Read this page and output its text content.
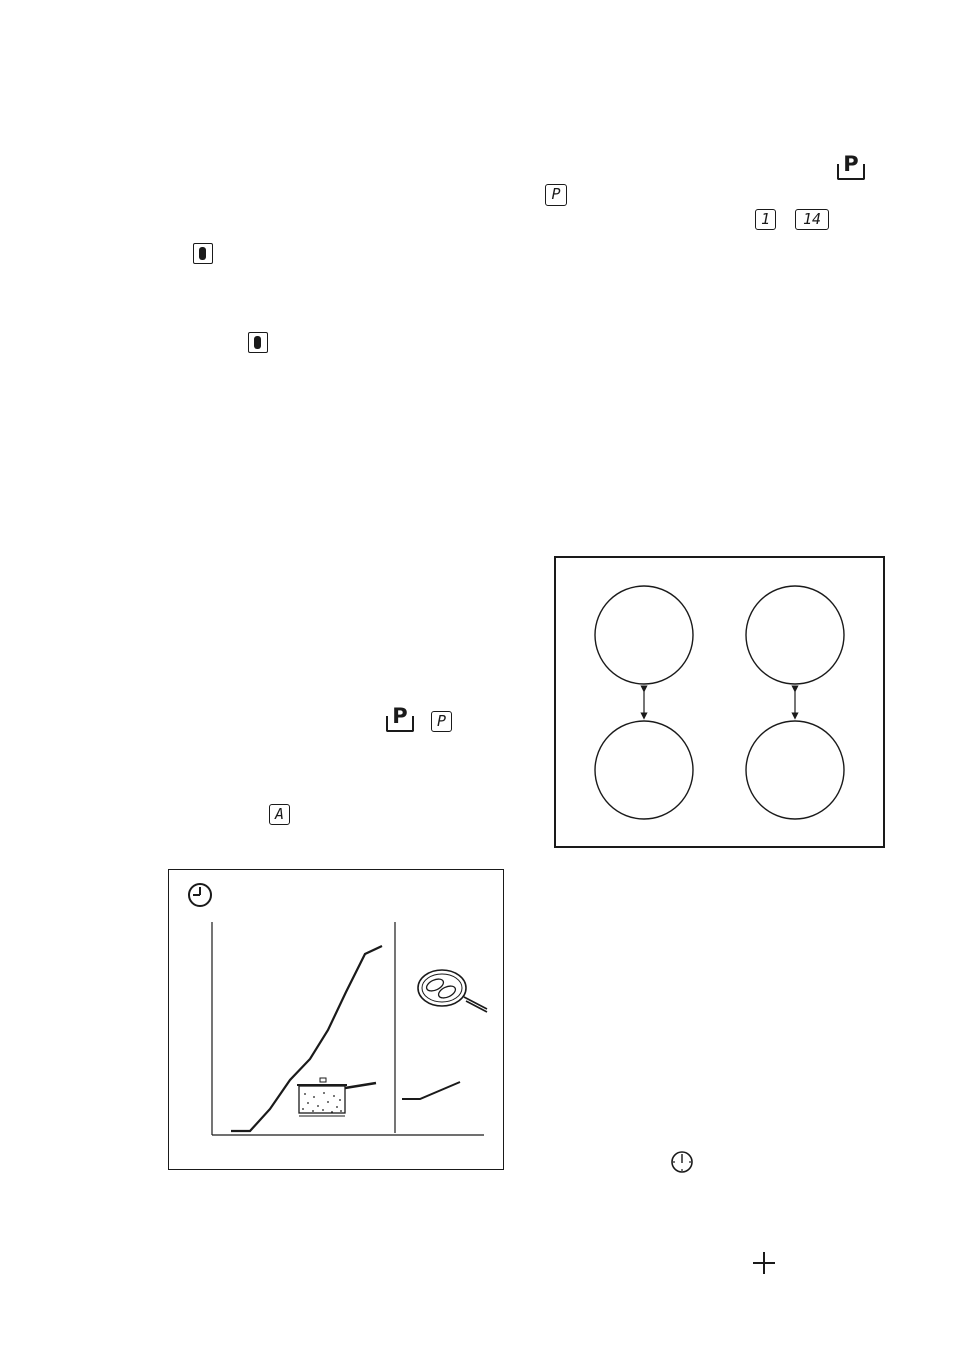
P
P
1	14
P	P
A
